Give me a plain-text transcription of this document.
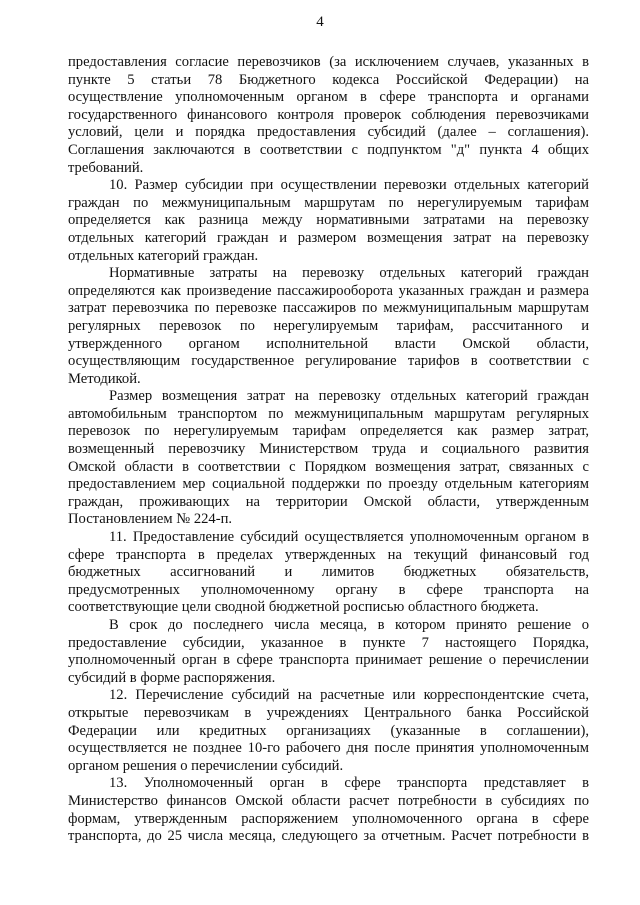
4
предоставления согласие перевозчиков (за исключением случаев, указанных в
пункте 5 статьи 78 Бюджетного кодекса Российской Федерации) на
осуществление уполномоченным органом в сфере транспорта и органами
государственного финансового контроля проверок соблюдения перевозчиками
условий, цели и порядка предоставления субсидий (далее – соглашения).
Соглашения заключаются в соответствии с подпунктом "д" пункта 4 общих
требований.
10. Размер субсидии при осуществлении перевозки отдельных категорий
граждан по межмуниципальным маршрутам по нерегулируемым тарифам
определяется как разница между нормативными затратами на перевозку
отдельных категорий граждан и размером возмещения затрат на перевозку
отдельных категорий граждан.
Нормативные затраты на перевозку отдельных категорий граждан
определяются как произведение пассажирооборота указанных граждан и размера
затрат перевозчика по перевозке пассажиров по межмуниципальным маршрутам
регулярных перевозок по нерегулируемым тарифам, рассчитанного и
утвержденного органом исполнительной власти Омской области,
осуществляющим государственное регулирование тарифов в соответствии с
Методикой.
Размер возмещения затрат на перевозку отдельных категорий граждан
автомобильным транспортом по межмуниципальным маршрутам регулярных
перевозок по нерегулируемым тарифам определяется как размер затрат,
возмещенный перевозчику Министерством труда и социального развития
Омской области в соответствии с Порядком возмещения затрат, связанных с
предоставлением мер социальной поддержки по проезду отдельным категориям
граждан, проживающих на территории Омской области, утвержденным
Постановлением № 224-п.
11. Предоставление субсидий осуществляется уполномоченным органом в
сфере транспорта в пределах утвержденных на текущий финансовый год
бюджетных ассигнований и лимитов бюджетных обязательств,
предусмотренных уполномоченному органу в сфере транспорта на
соответствующие цели сводной бюджетной росписью областного бюджета.
В срок до последнего числа месяца, в котором принято решение о
предоставление субсидии, указанное в пункте 7 настоящего Порядка,
уполномоченный орган в сфере транспорта принимает решение о перечислении
субсидий в форме распоряжения.
12. Перечисление субсидий на расчетные или корреспондентские счета,
открытые перевозчикам в учреждениях Центрального банка Российской
Федерации или кредитных организациях (указанные в соглашении),
осуществляется не позднее 10-го рабочего дня после принятия уполномоченным
органом решения о перечислении субсидий.
13. Уполномоченный орган в сфере транспорта представляет в
Министерство финансов Омской области расчет потребности в субсидиях по
формам, утвержденным распоряжением уполномоченного органа в сфере
транспорта, до 25 числа месяца, следующего за отчетным. Расчет потребности в
